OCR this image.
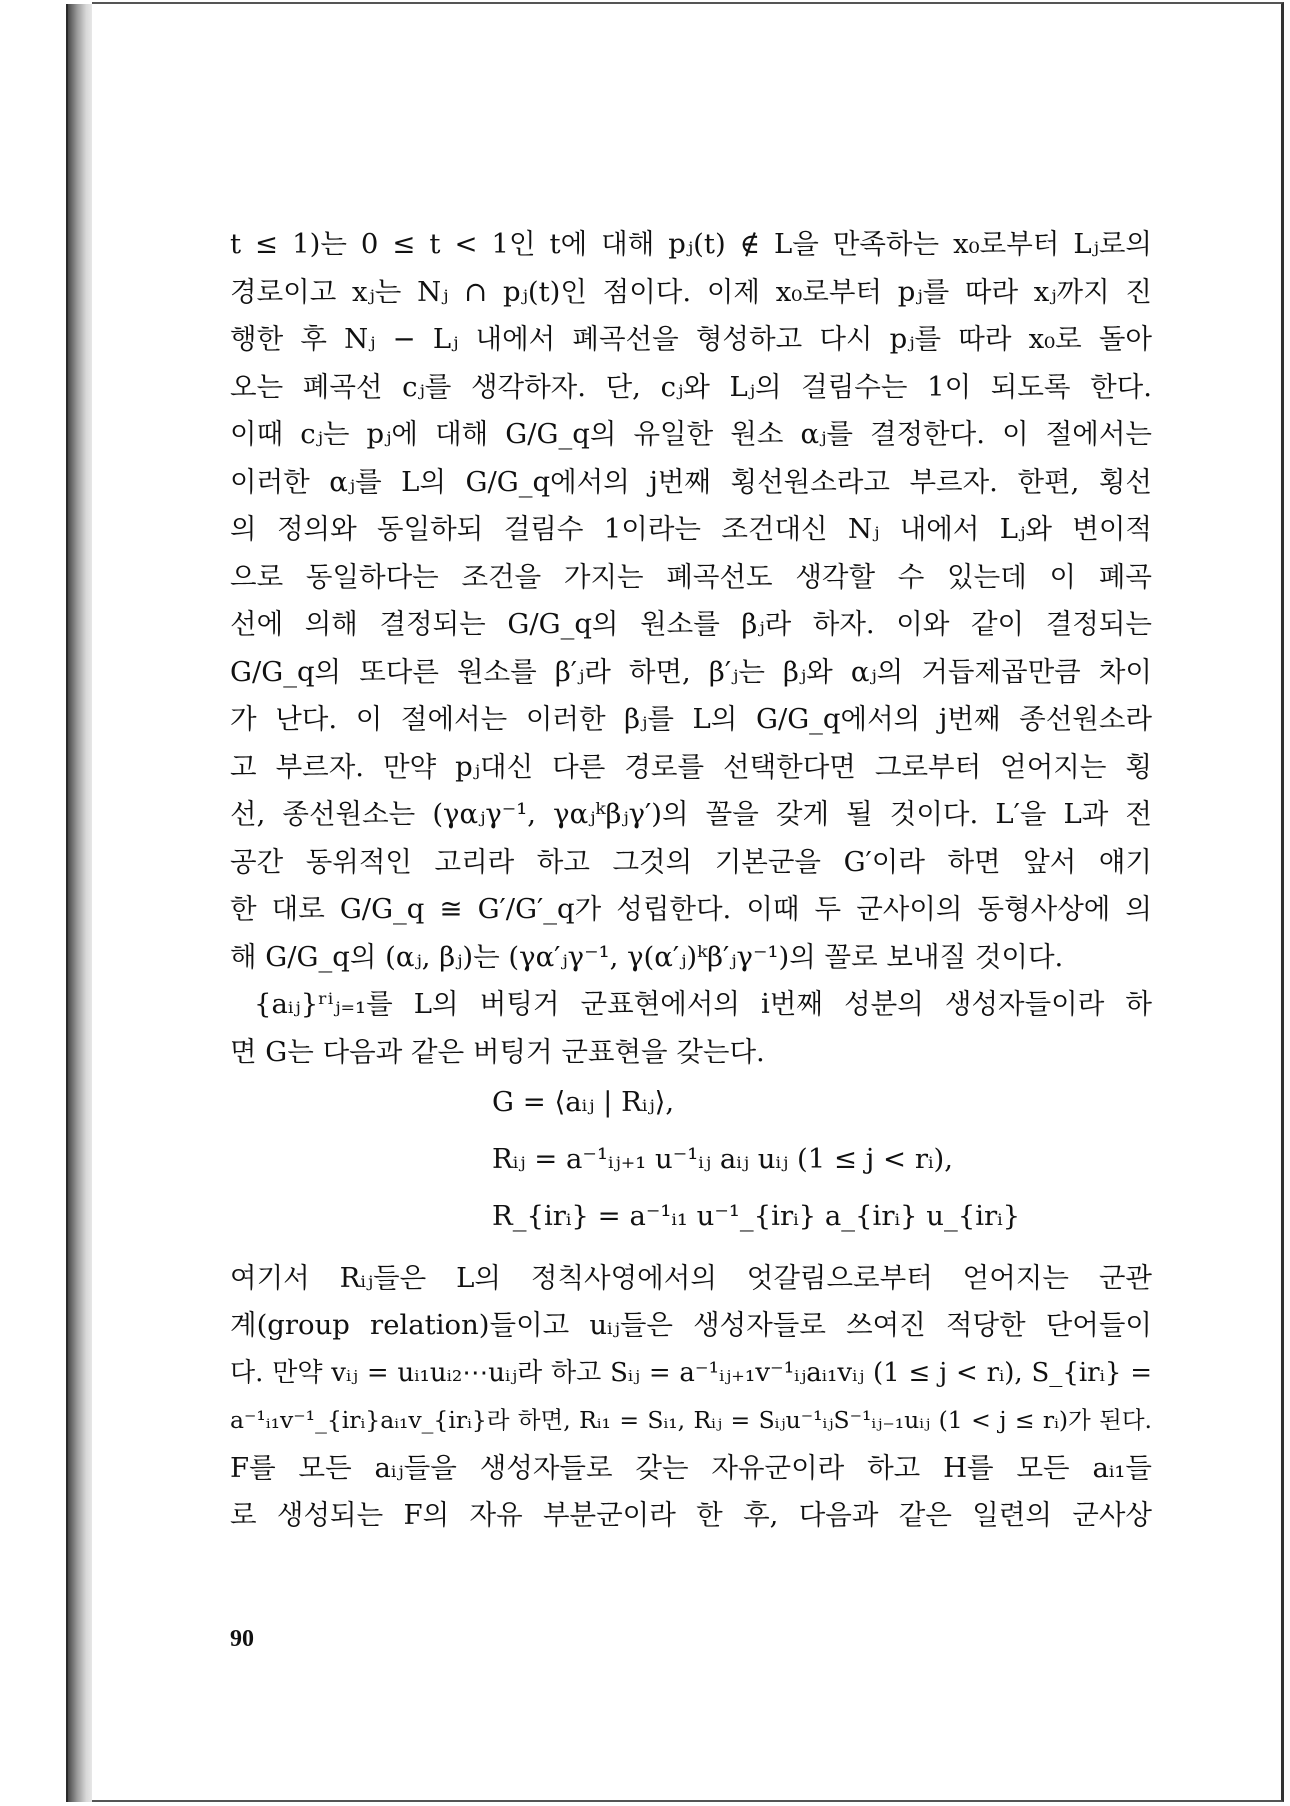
t ≤ 1)는 0 ≤ t < 1인 t에 대해 pⱼ(t) ∉ L을 만족하는 x₀로부터 Lⱼ로의
경로이고 xⱼ는 Nⱼ ∩ pⱼ(t)인 점이다. 이제 x₀로부터 pⱼ를 따라 xⱼ까지 진
행한 후 Nⱼ − Lⱼ 내에서 폐곡선을 형성하고 다시 pⱼ를 따라 x₀로 돌아
오는 폐곡선 cⱼ를 생각하자. 단, cⱼ와 Lⱼ의 걸림수는 1이 되도록 한다.
이때 cⱼ는 pⱼ에 대해 G/G_q의 유일한 원소 αⱼ를 결정한다. 이 절에서는
이러한 αⱼ를 L의 G/G_q에서의 j번째 횡선원소라고 부르자. 한편, 횡선
의 정의와 동일하되 걸림수 1이라는 조건대신 Nⱼ 내에서 Lⱼ와 변이적
으로 동일하다는 조건을 가지는 폐곡선도 생각할 수 있는데 이 폐곡
선에 의해 결정되는 G/G_q의 원소를 βⱼ라 하자. 이와 같이 결정되는
G/G_q의 또다른 원소를 β′ⱼ라 하면, β′ⱼ는 βⱼ와 αⱼ의 거듭제곱만큼 차이
가 난다. 이 절에서는 이러한 βⱼ를 L의 G/G_q에서의 j번째 종선원소라
고 부르자. 만약 pⱼ대신 다른 경로를 선택한다면 그로부터 얻어지는 횡
선, 종선원소는 (γαⱼγ⁻¹, γαⱼᵏβⱼγ′)의 꼴을 갖게 될 것이다. L′을 L과 전
공간 동위적인 고리라 하고 그것의 기본군을 G′이라 하면 앞서 얘기
한 대로 G/G_q ≅ G′/G′_q가 성립한다. 이때 두 군사이의 동형사상에 의
해 G/G_q의 (αⱼ, βⱼ)는 (γα′ⱼγ⁻¹, γ(α′ⱼ)ᵏβ′ⱼγ⁻¹)의 꼴로 보내질 것이다.
{aᵢⱼ}ʳⁱⱼ₌₁를 L의 버팅거 군표현에서의 i번째 성분의 생성자들이라 하
면 G는 다음과 같은 버팅거 군표현을 갖는다.
G = ⟨aᵢⱼ | Rᵢⱼ⟩,
Rᵢⱼ = a⁻¹ᵢⱼ₊₁ u⁻¹ᵢⱼ aᵢⱼ uᵢⱼ (1 ≤ j < rᵢ),
R_{irᵢ} = a⁻¹ᵢ₁ u⁻¹_{irᵢ} a_{irᵢ} u_{irᵢ}
여기서 Rᵢⱼ들은 L의 정칙사영에서의 엇갈림으로부터 얻어지는 군관
계(group relation)들이고 uᵢⱼ들은 생성자들로 쓰여진 적당한 단어들이
다. 만약 vᵢⱼ = uᵢ₁uᵢ₂⋯uᵢⱼ라 하고 Sᵢⱼ = a⁻¹ᵢⱼ₊₁v⁻¹ᵢⱼaᵢ₁vᵢⱼ (1 ≤ j < rᵢ), S_{irᵢ} =
a⁻¹ᵢ₁v⁻¹_{irᵢ}aᵢ₁v_{irᵢ}라 하면, Rᵢ₁ = Sᵢ₁, Rᵢⱼ = Sᵢⱼu⁻¹ᵢⱼS⁻¹ᵢⱼ₋₁uᵢⱼ (1 < j ≤ rᵢ)가 된다.
F를 모든 aᵢⱼ들을 생성자들로 갖는 자유군이라 하고 H를 모든 aᵢ₁들
로 생성되는 F의 자유 부분군이라 한 후, 다음과 같은 일련의 군사상
90
